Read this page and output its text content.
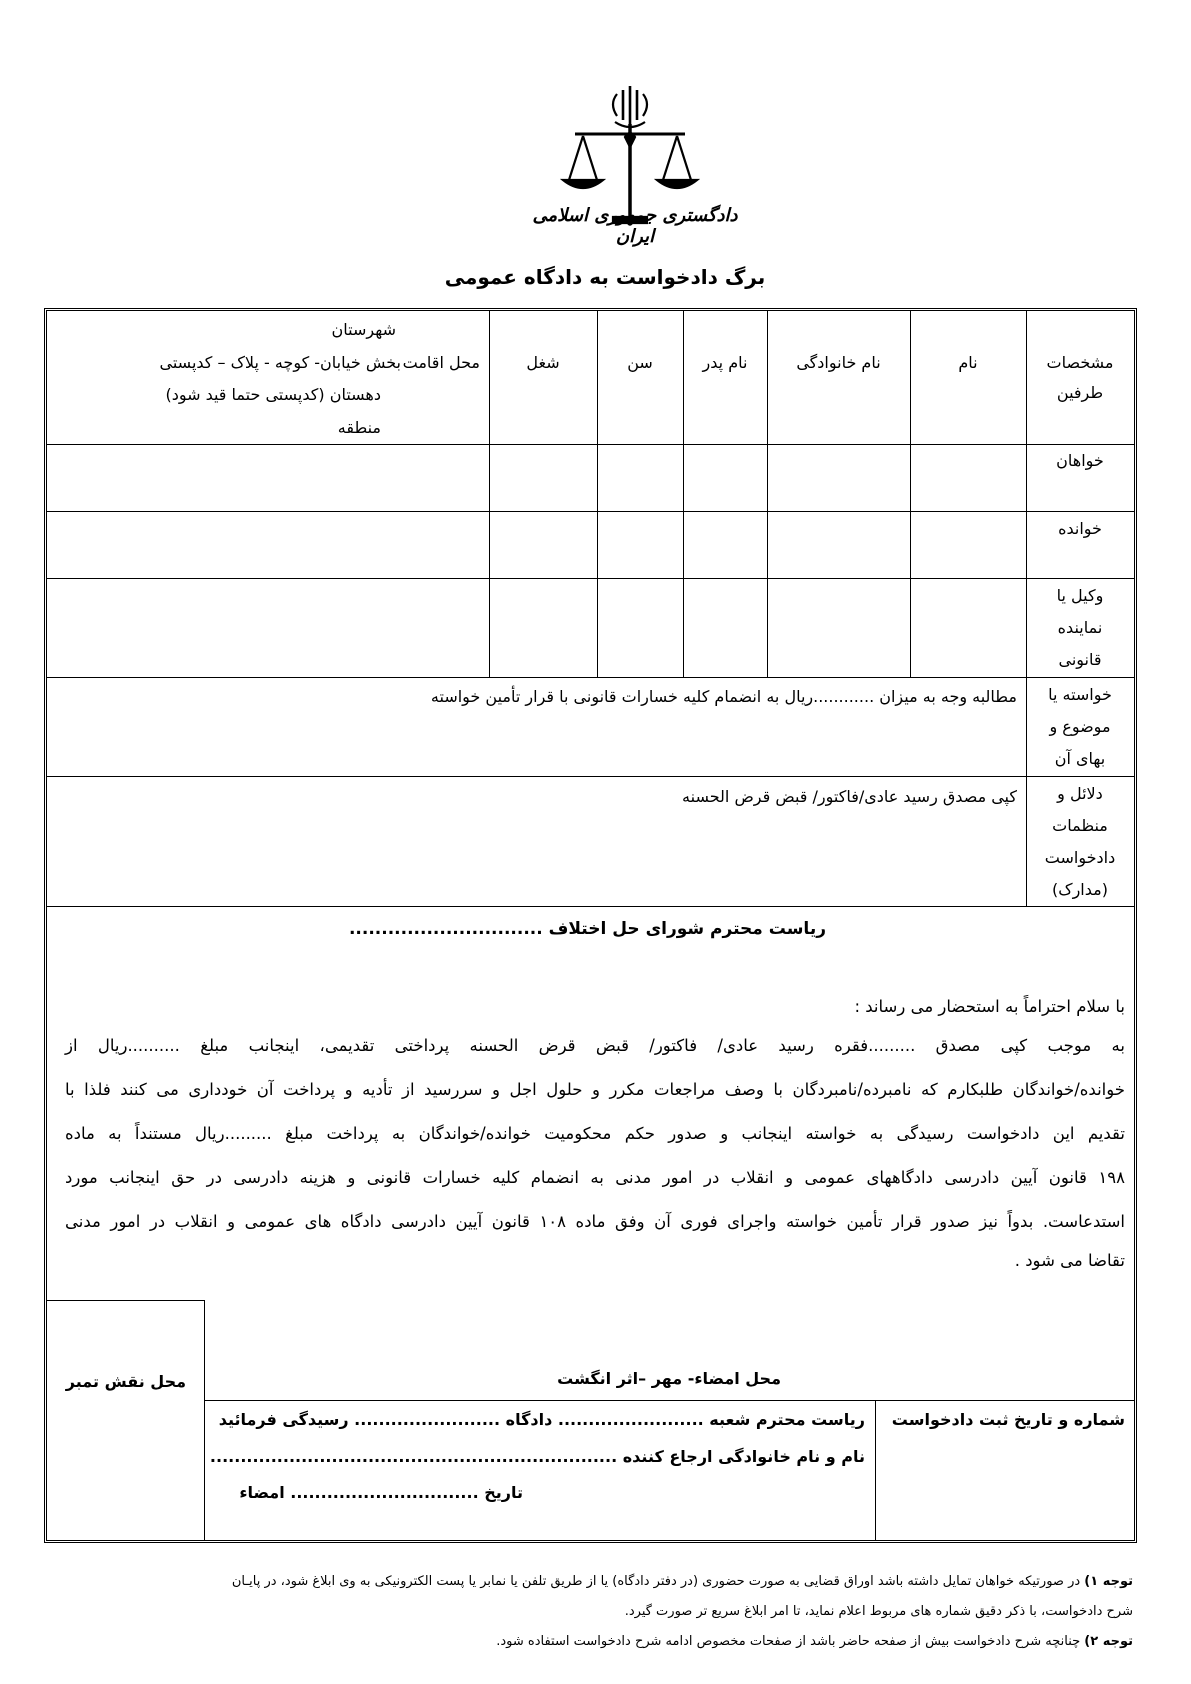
دادگستری جمهوری اسلامی ایران
برگ دادخواست به دادگاه عمومی
مشخصات
طرفین
نام
نام خانوادگی
نام پدر
سن
شغل
محل اقامت
شهرستان
بخش خیابان- کوچه - پلاک – کدپستی
دهستان (کدپستی حتما قید شود)
منطقه
خواهان
خوانده
وکیل یا
نماینده
قانونی
خواسته یا
موضوع و
بهای آن
مطالبه وجه به میزان ............ریال به انضمام کلیه خسارات قانونی با قرار تأمین خواسته
دلائل و
منظمات
دادخواست
(مدارک)
کپی مصدق رسید عادی/فاکتور/ قبض قرض الحسنه
ریاست محترم شورای حل اختلاف ..............................
با سلام احتراماً به استحضار می رساند :
به موجب کپی مصدق .........فقره رسید عادی/ فاکتور/ قبض قرض الحسنه پرداختی تقدیمی، اینجانب مبلغ ..........ریال از
خوانده/خواندگان طلبکارم که نامبرده/نامبردگان با وصف مراجعات مکرر و حلول اجل و سررسید از تأدیه و پرداخت آن خودداری می کنند فلذا با
تقدیم این دادخواست رسیدگی به خواسته اینجانب و صدور حکم محکومیت خوانده/خواندگان به پرداخت مبلغ .........ریال مستنداً به ماده
۱۹۸ قانون آیین دادرسی دادگاههای عمومی و انقلاب در امور مدنی به انضمام کلیه خسارات قانونی و هزینه دادرسی در حق اینجانب مورد
استدعاست. بدواً نیز صدور قرار تأمین خواسته واجرای فوری آن وفق ماده ۱۰۸ قانون آیین دادرسی دادگاه های عمومی و انقلاب در امور مدنی
تقاضا می شود .
محل نقش تمبر	محل امضاء- مهر –اثر انگشت
شماره و تاریخ ثبت دادخواست
ریاست محترم شعبه ........................ دادگاه ........................ رسیدگی فرمائید
نام و نام خانوادگی ارجاع کننده ...................................................................
تاریخ ............................... امضاء
توجه ۱) در صورتیکه خواهان تمایل داشته باشد اوراق قضایی به صورت حضوری (در دفتر دادگاه) یا از طریق تلفن یا نمابر یا پست الکترونیکی به وی ابلاغ شود، در پایـان
شرح دادخواست، با ذکر دقیق شماره های مربوط اعلام نماید، تا امر ابلاغ سریع تر صورت گیرد.
توجه ۲) چنانچه شرح دادخواست بیش از صفحه حاضر باشد از صفحات مخصوص ادامه شرح دادخواست استفاده شود.
